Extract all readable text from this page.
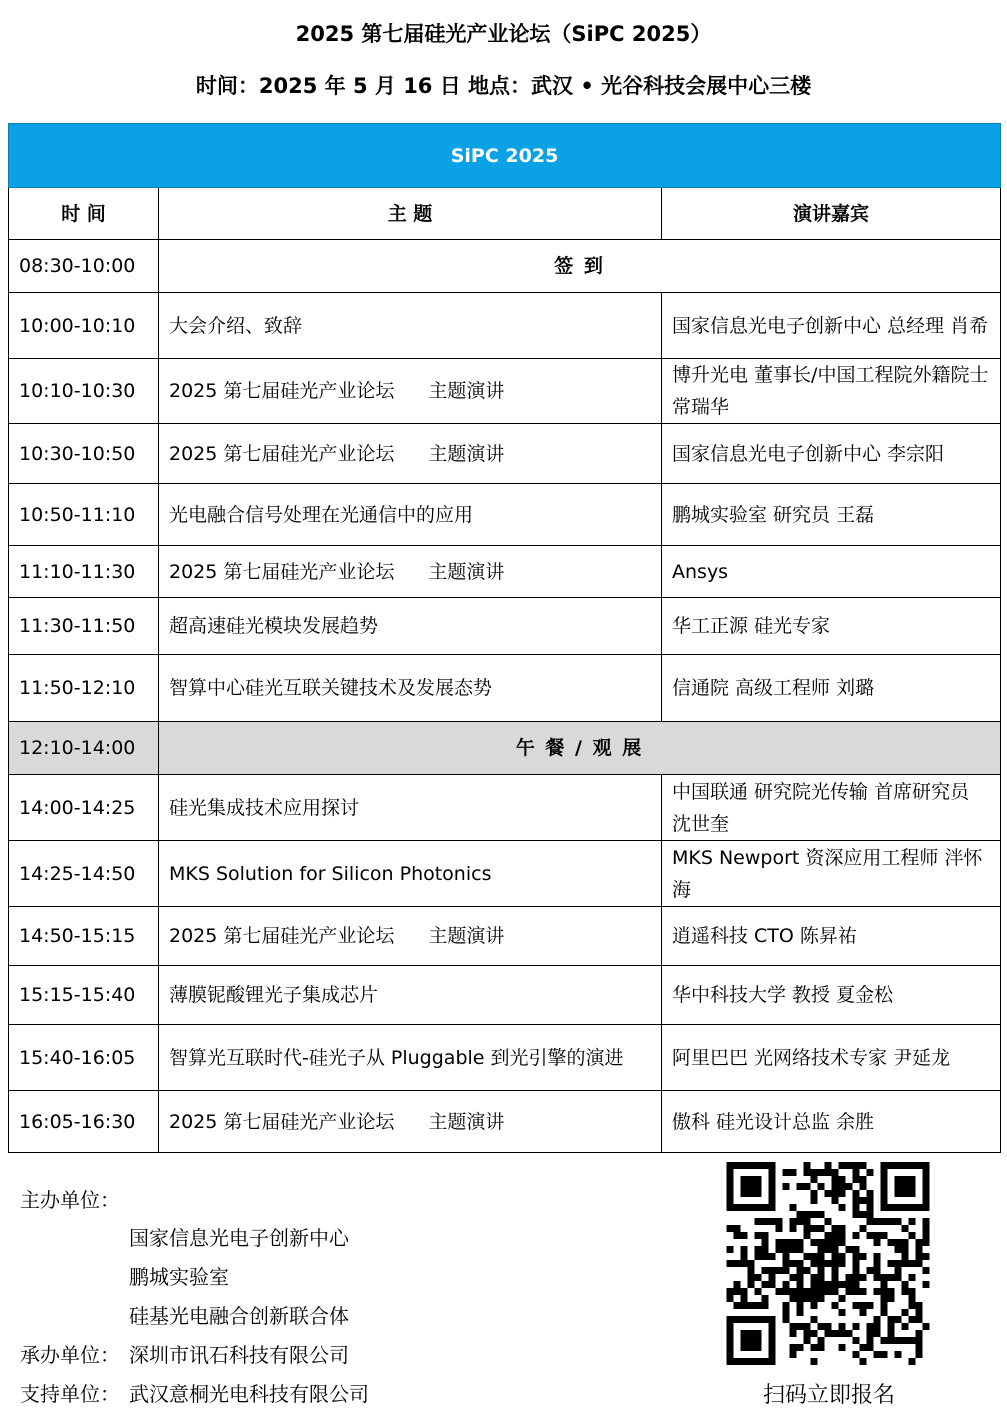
2025 第七届硅光产业论坛（SiPC 2025）
时间：2025 年 5 月 16 日 地点：武汉 • 光谷科技会展中心三楼
SiPC 2025		
时 间	主 题	演讲嘉宾
08:30-10:00	签 到	
10:00-10:10	大会介绍、致辞	国家信息光电子创新中心 总经理 肖希
10:10-10:30	2025 第七届硅光产业论坛 主题演讲	博升光电 董事长/中国工程院外籍院士 常瑞华
10:30-10:50	2025 第七届硅光产业论坛 主题演讲	国家信息光电子创新中心 李宗阳
10:50-11:10	光电融合信号处理在光通信中的应用	鹏城实验室 研究员 王磊
11:10-11:30	2025 第七届硅光产业论坛 主题演讲	Ansys
11:30-11:50	超高速硅光模块发展趋势	华工正源 硅光专家
11:50-12:10	智算中心硅光互联关键技术及发展态势	信通院 高级工程师 刘璐
12:10-14:00	午 餐 / 观 展	
14:00-14:25	硅光集成技术应用探讨	中国联通 研究院光传输 首席研究员 沈世奎
14:25-14:50	MKS Solution for Silicon Photonics	MKS Newport 资深应用工程师 泮怀海
14:50-15:15	2025 第七届硅光产业论坛 主题演讲	逍遥科技 CTO 陈昇祐
15:15-15:40	薄膜铌酸锂光子集成芯片	华中科技大学 教授 夏金松
15:40-16:05	智算光互联时代-硅光子从 Pluggable 到光引擎的演进	阿里巴巴 光网络技术专家 尹延龙
16:05-16:30	2025 第七届硅光产业论坛 主题演讲	傲科 硅光设计总监 余胜
主办单位：
国家信息光电子创新中心
鹏城实验室
硅基光电融合创新联合体
承办单位： 深圳市讯石科技有限公司
支持单位： 武汉意桐光电科技有限公司	扫码立即报名
